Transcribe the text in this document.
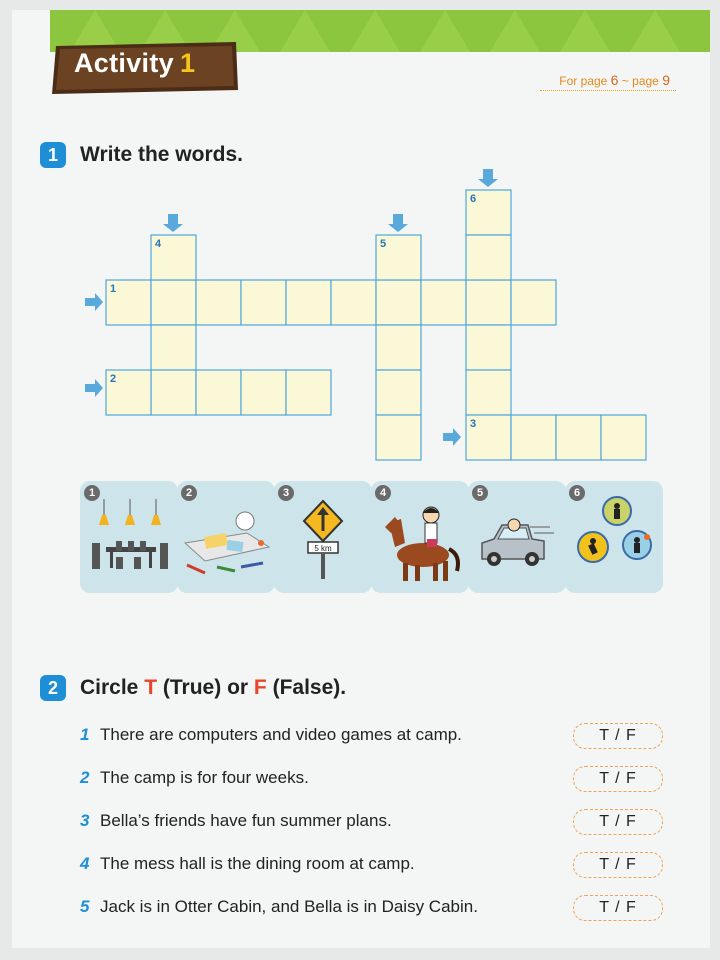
Activity 1
For page 6 ~ page 9
1	Write the words.
1
2
3
4	5
6
1	2	3
5 km
4	5	6
2	Circle T (True) or F (False).
1 There are computers and video games at camp.	T / F
2 The camp is for four weeks.	T / F
3 Bella’s friends have fun summer plans.	T / F
4 The mess hall is the dining room at camp.	T / F
5 Jack is in Otter Cabin, and Bella is in Daisy Cabin.	T / F
